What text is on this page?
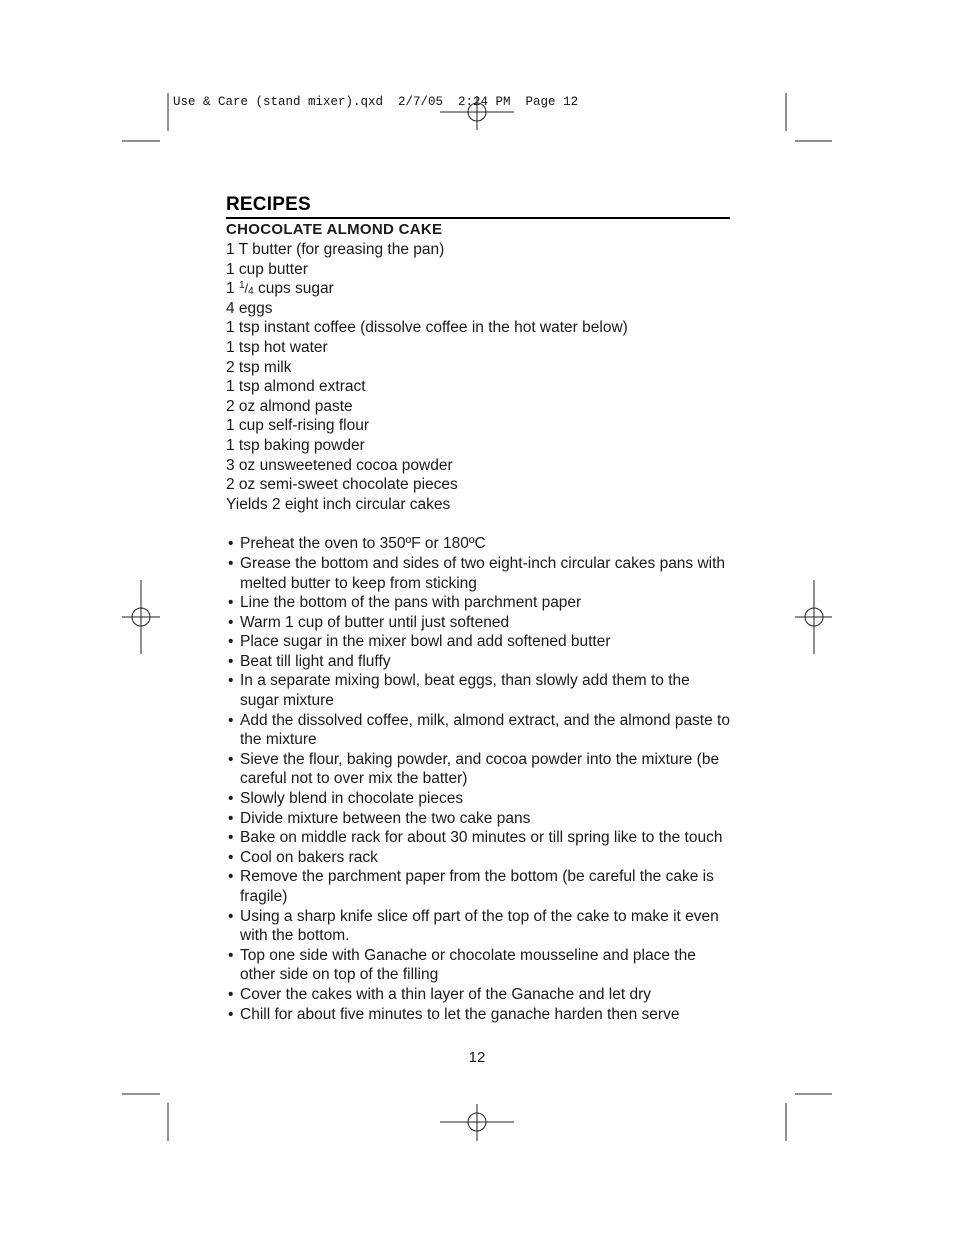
Use & Care (stand mixer).qxd  2/7/05  2:24 PM  Page 12
RECIPES
CHOCOLATE ALMOND CAKE
1 T butter (for greasing the pan)
1 cup butter
1 $^1/_4$ cups sugar
4 eggs
1 tsp instant coffee (dissolve coffee in the hot water below)
1 tsp hot water
2 tsp milk
1 tsp almond extract
2 oz almond paste
1 cup self-rising flour
1 tsp baking powder
3 oz unsweetened cocoa powder
2 oz semi-sweet chocolate pieces
Yields 2 eight inch circular cakes
• Preheat the oven to 350ºF or 180ºC
• Grease the bottom and sides of two eight-inch circular cakes pans with melted butter to keep from sticking
• Line the bottom of the pans with parchment paper
• Warm 1 cup of butter until just softened
• Place sugar in the mixer bowl and add softened butter
• Beat till light and fluffy
• In a separate mixing bowl, beat eggs, than slowly add them to the sugar mixture
• Add the dissolved coffee, milk, almond extract, and the almond paste to the mixture
• Sieve the flour, baking powder, and cocoa powder into the mixture (be careful not to over mix the batter)
• Slowly blend in chocolate pieces
• Divide mixture between the two cake pans
• Bake on middle rack for about 30 minutes or till spring like to the touch
• Cool on bakers rack
• Remove the parchment paper from the bottom (be careful the cake is fragile)
• Using a sharp knife slice off part of the top of the cake to make it even with the bottom.
• Top one side with Ganache or chocolate mousseline and place the other side on top of the filling
• Cover the cakes with a thin layer of the Ganache and let dry
• Chill for about five minutes to let the ganache harden then serve
12
